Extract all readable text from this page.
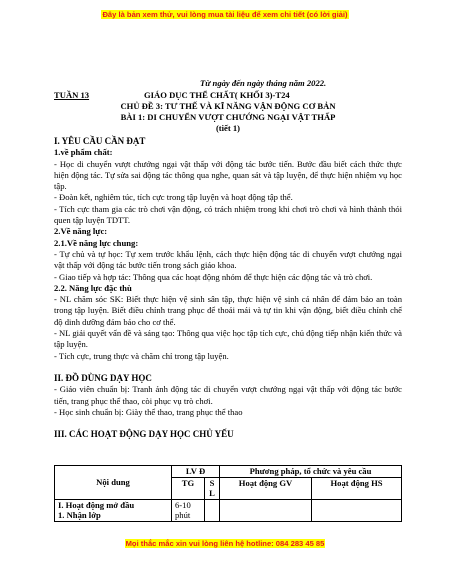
Đây là bản xem thử, vui lòng mua tài liệu để xem chi tiết (có lời giải)
Từ ngày đến ngày tháng năm 2022.
TUẦN 13	GIÁO DỤC THỂ CHẤT( KHỐI 3)-T24
CHỦ ĐỀ 3: TƯ THẾ VÀ KĨ NĂNG VẬN ĐỘNG CƠ BẢN
BÀI 1: DI CHUYỂN VƯỢT CHƯỚNG NGẠI VẬT THẤP
(tiết 1)
I. YÊU CẦU CẦN ĐẠT
1.về phẩm chất:

- Học di chuyển vượt chướng ngại vật thấp với động tác bước tiến. Bước đầu biết cách thức thực hiện động tác. Tự sửa sai động tác thông qua nghe, quan sát và tập luyện, để thực hiện nhiệm vụ học tập.

- Đoàn kết, nghiêm túc, tích cực trong tập luyện và hoạt động tập thể.

- Tích cực tham gia các trò chơi vận động, có trách nhiệm trong khi chơi trò chơi và hình thành thói quen tập luyện TDTT.

2.Về năng lực:
2.1.Về năng lực chung:

- Tự chủ và tự học: Tự xem trước khẩu lệnh, cách thực hiện động tác di chuyển vượt chướng ngại vật thấp với động tác bước tiến trong sách giáo khoa.

- Giao tiếp và hợp tác: Thông qua các hoạt động nhóm để thực hiện các động tác và trò chơi.

2.2. Năng lực đặc thù

- NL chăm sóc SK: Biết thực hiện vệ sinh sân tập, thực hiện vệ sinh cá nhân để đảm bảo an toàn trong tập luyện. Biết điều chỉnh trang phục để thoải mái và tự tin khi vận động, biết điều chỉnh chế độ dinh dưỡng đảm bảo cho cơ thể.

- NL giải quyết vấn đề và sáng tạo: Thông qua việc học tập tích cực, chủ động tiếp nhận kiến thức và tập luyện.

- Tích cực, trung thực và chăm chỉ trong tập luyện.

II. ĐỒ DÙNG DẠY HỌC

- Giáo viên chuẩn bị: Tranh ảnh động tác di chuyển vượt chướng ngại vật thấp với động tác bước tiến, trang phục thể thao, còi phục vụ trò chơi.

- Học sinh chuẩn bị: Giày thể thao, trang phục thể thao

III. CÁC HOẠT ĐỘNG DẠY HỌC CHỦ YẾU
Nội dung	LV Đ		Phương pháp, tổ chức và yêu cầu	
	TG	S L	Hoạt động GV	Hoạt động HS

I. Hoạt động mở đầu
1. Nhận lớp	6-10 phút			
Mọi thắc mắc xin vui lòng liên hệ hotline: 084 283 45 85
